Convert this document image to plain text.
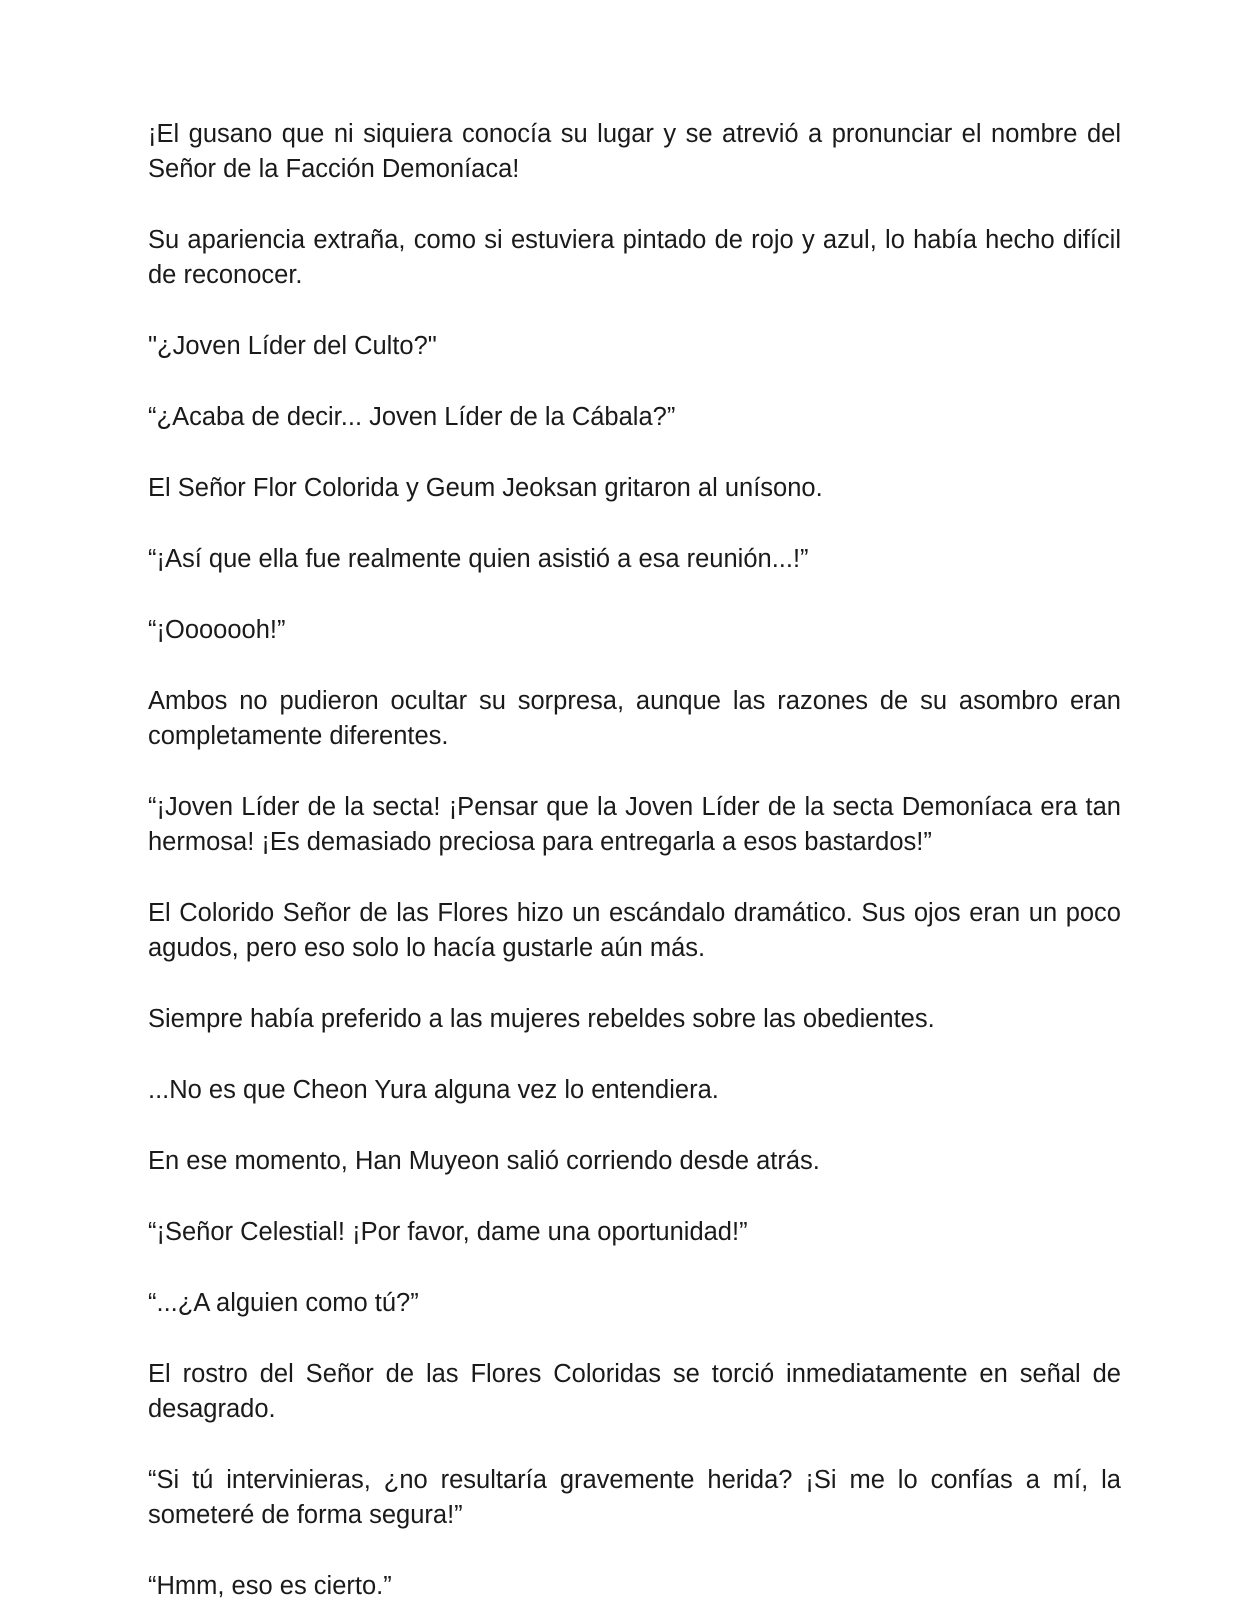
¡El gusano que ni siquiera conocía su lugar y se atrevió a pronunciar el nombre del Señor de la Facción Demoníaca!

Su apariencia extraña, como si estuviera pintado de rojo y azul, lo había hecho difícil de reconocer.

"¿Joven Líder del Culto?"

“¿Acaba de decir... Joven Líder de la Cábala?”

El Señor Flor Colorida y Geum Jeoksan gritaron al unísono.

“¡Así que ella fue realmente quien asistió a esa reunión...!”

“¡Ooooooh!”

Ambos no pudieron ocultar su sorpresa, aunque las razones de su asombro eran completamente diferentes.

“¡Joven Líder de la secta! ¡Pensar que la Joven Líder de la secta Demoníaca era tan hermosa! ¡Es demasiado preciosa para entregarla a esos bastardos!”

El Colorido Señor de las Flores hizo un escándalo dramático. Sus ojos eran un poco agudos, pero eso solo lo hacía gustarle aún más.

Siempre había preferido a las mujeres rebeldes sobre las obedientes.

...No es que Cheon Yura alguna vez lo entendiera.

En ese momento, Han Muyeon salió corriendo desde atrás.

“¡Señor Celestial! ¡Por favor, dame una oportunidad!”

“...¿A alguien como tú?”

El rostro del Señor de las Flores Coloridas se torció inmediatamente en señal de desagrado.

“Si tú intervinieras, ¿no resultaría gravemente herida? ¡Si me lo confías a mí, la someteré de forma segura!”

“Hmm, eso es cierto.”
